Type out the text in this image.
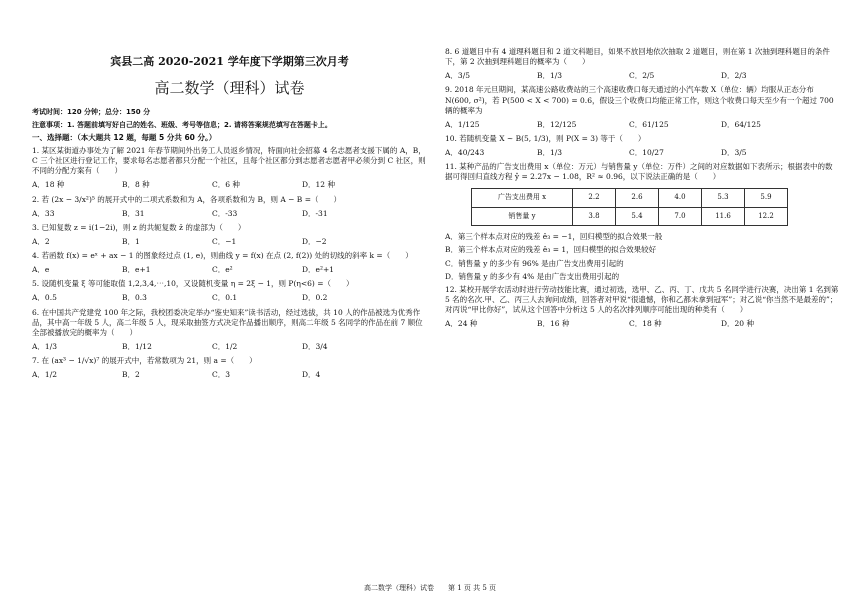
宾县二高 2020-2021 学年度下学期第三次月考
高二数学（理科）试卷
考试时间：120 分钟；总分：150 分
注意事项：1. 答题前填写好自己的姓名、班级、考号等信息；2. 请将答案规范填写在答题卡上。
一、选择题：（本大题共 12 题，每题 5 分共 60 分。）
1. 某区某街道办事处为了解 2021 年春节期间外出务工人员返乡情况，特面向社会招募 4 名志愿者支援下属的 A，B，C 三个社区进行登记工作，要求每名志愿者都只分配一个社区，且每个社区都分到志愿者志愿者甲必须分到 C 社区，则不同的分配方案有（　　）
A．18 种	B．8 种	C．6 种	D．12 种
2. 若 (2x − 3/x²)⁵ 的展开式中的二项式系数和为 A，各项系数和为 B，则 A − B =（　　）
A．33	B．31	C．-33	D．-31
3. 已知复数 z = i(1−2i)，则 z 的共轭复数 z̄ 的虚部为（　　）
A．2	B．1	C．−1	D．−2
4. 若函数 f(x) = eˣ + ax − 1 的图象经过点 (1, e)，则曲线 y = f(x) 在点 (2, f(2)) 处的切线的斜率 k =（　　）
A．e	B．e+1	C．e²	D．e²+1
5. 设随机变量 ξ 等可能取值 1,2,3,4,⋯,10，又设随机变量 η = 2ξ − 1，则 P(η<6) =（　　）
A．0.5	B．0.3	C．0.1	D．0.2
6. 在中国共产党建党 100 年之际，我校团委决定举办“鉴史知来”读书活动，经过选拔，共 10 人的作品被选为优秀作品，其中高一年级 5 人，高二年级 5 人，现采取抽签方式决定作品播出顺序，则高二年级 5 名同学的作品在前 7 顺位全部被播放完的概率为（　　）
A．1/3	B．1/12	C．1/2	D．3/4
7. 在 (ax³ − 1/√x)⁷ 的展开式中，若常数项为 21，则 a =（　　）
A．1/2	B．2	C．3	D．4
8. 6 道题目中有 4 道理科题目和 2 道文科题目，如果不放回地依次抽取 2 道题目，则在第 1 次抽到理科题目的条件下，第 2 次抽到理科题目的概率为（　　）
A．3/5	B．1/3	C．2/5	D．2/3
9. 2018 年元旦期间，某高速公路收费站的三个高速收费口每天通过的小汽车数 X（单位：辆）均服从正态分布 N(600, σ²)，若 P(500 < X < 700) = 0.6，假设三个收费口均能正常工作，则这个收费口每天至少有一个超过 700 辆的概率为
A．1/125	B．12/125	C．61/125	D．64/125
10. 若随机变量 X ~ B(5, 1/3)，则 P(X = 3) 等于（　　）
A．40/243	B．1/3	C．10/27	D．3/5
11. 某种产品的广告支出费用 x（单位：万元）与销售量 y（单位：万件）之间的对应数据如下表所示；根据表中的数据可得回归直线方程 ŷ = 2.27x − 1.08，R² ≈ 0.96，以下说法正确的是（　　）
广告支出费用 x	2.2	2.6	4.0	5.3	5.9
销售量 y	3.8	5.4	7.0	11.6	12.2
A．第三个样本点对应的残差 ê₃ = −1，回归模型的拟合效果一般
B．第三个样本点对应的残差 ê₃ = 1，回归模型的拟合效果较好
C．销售量 y 的多少有 96% 是由广告支出费用引起的
D．销售量 y 的多少有 4% 是由广告支出费用引起的
12. 某校开展学农活动时进行劳动技能比赛，通过初选，选甲、乙、丙、丁、戊共 5 名同学进行决赛，决出第 1 名到第 5 名的名次.甲、乙、丙三人去询问成绩，回答者对甲说“很遗憾，你和乙都未拿到冠军”；对乙说“你当然不是最差的”；对丙说“甲比你好”，试从这个回答中分析这 5 人的名次排列顺序可能出现的种类有（　　）
A．24 种	B．16 种	C．18 种	D．20 种
高二数学（理科）试卷　　第 1 页 共 5 页
